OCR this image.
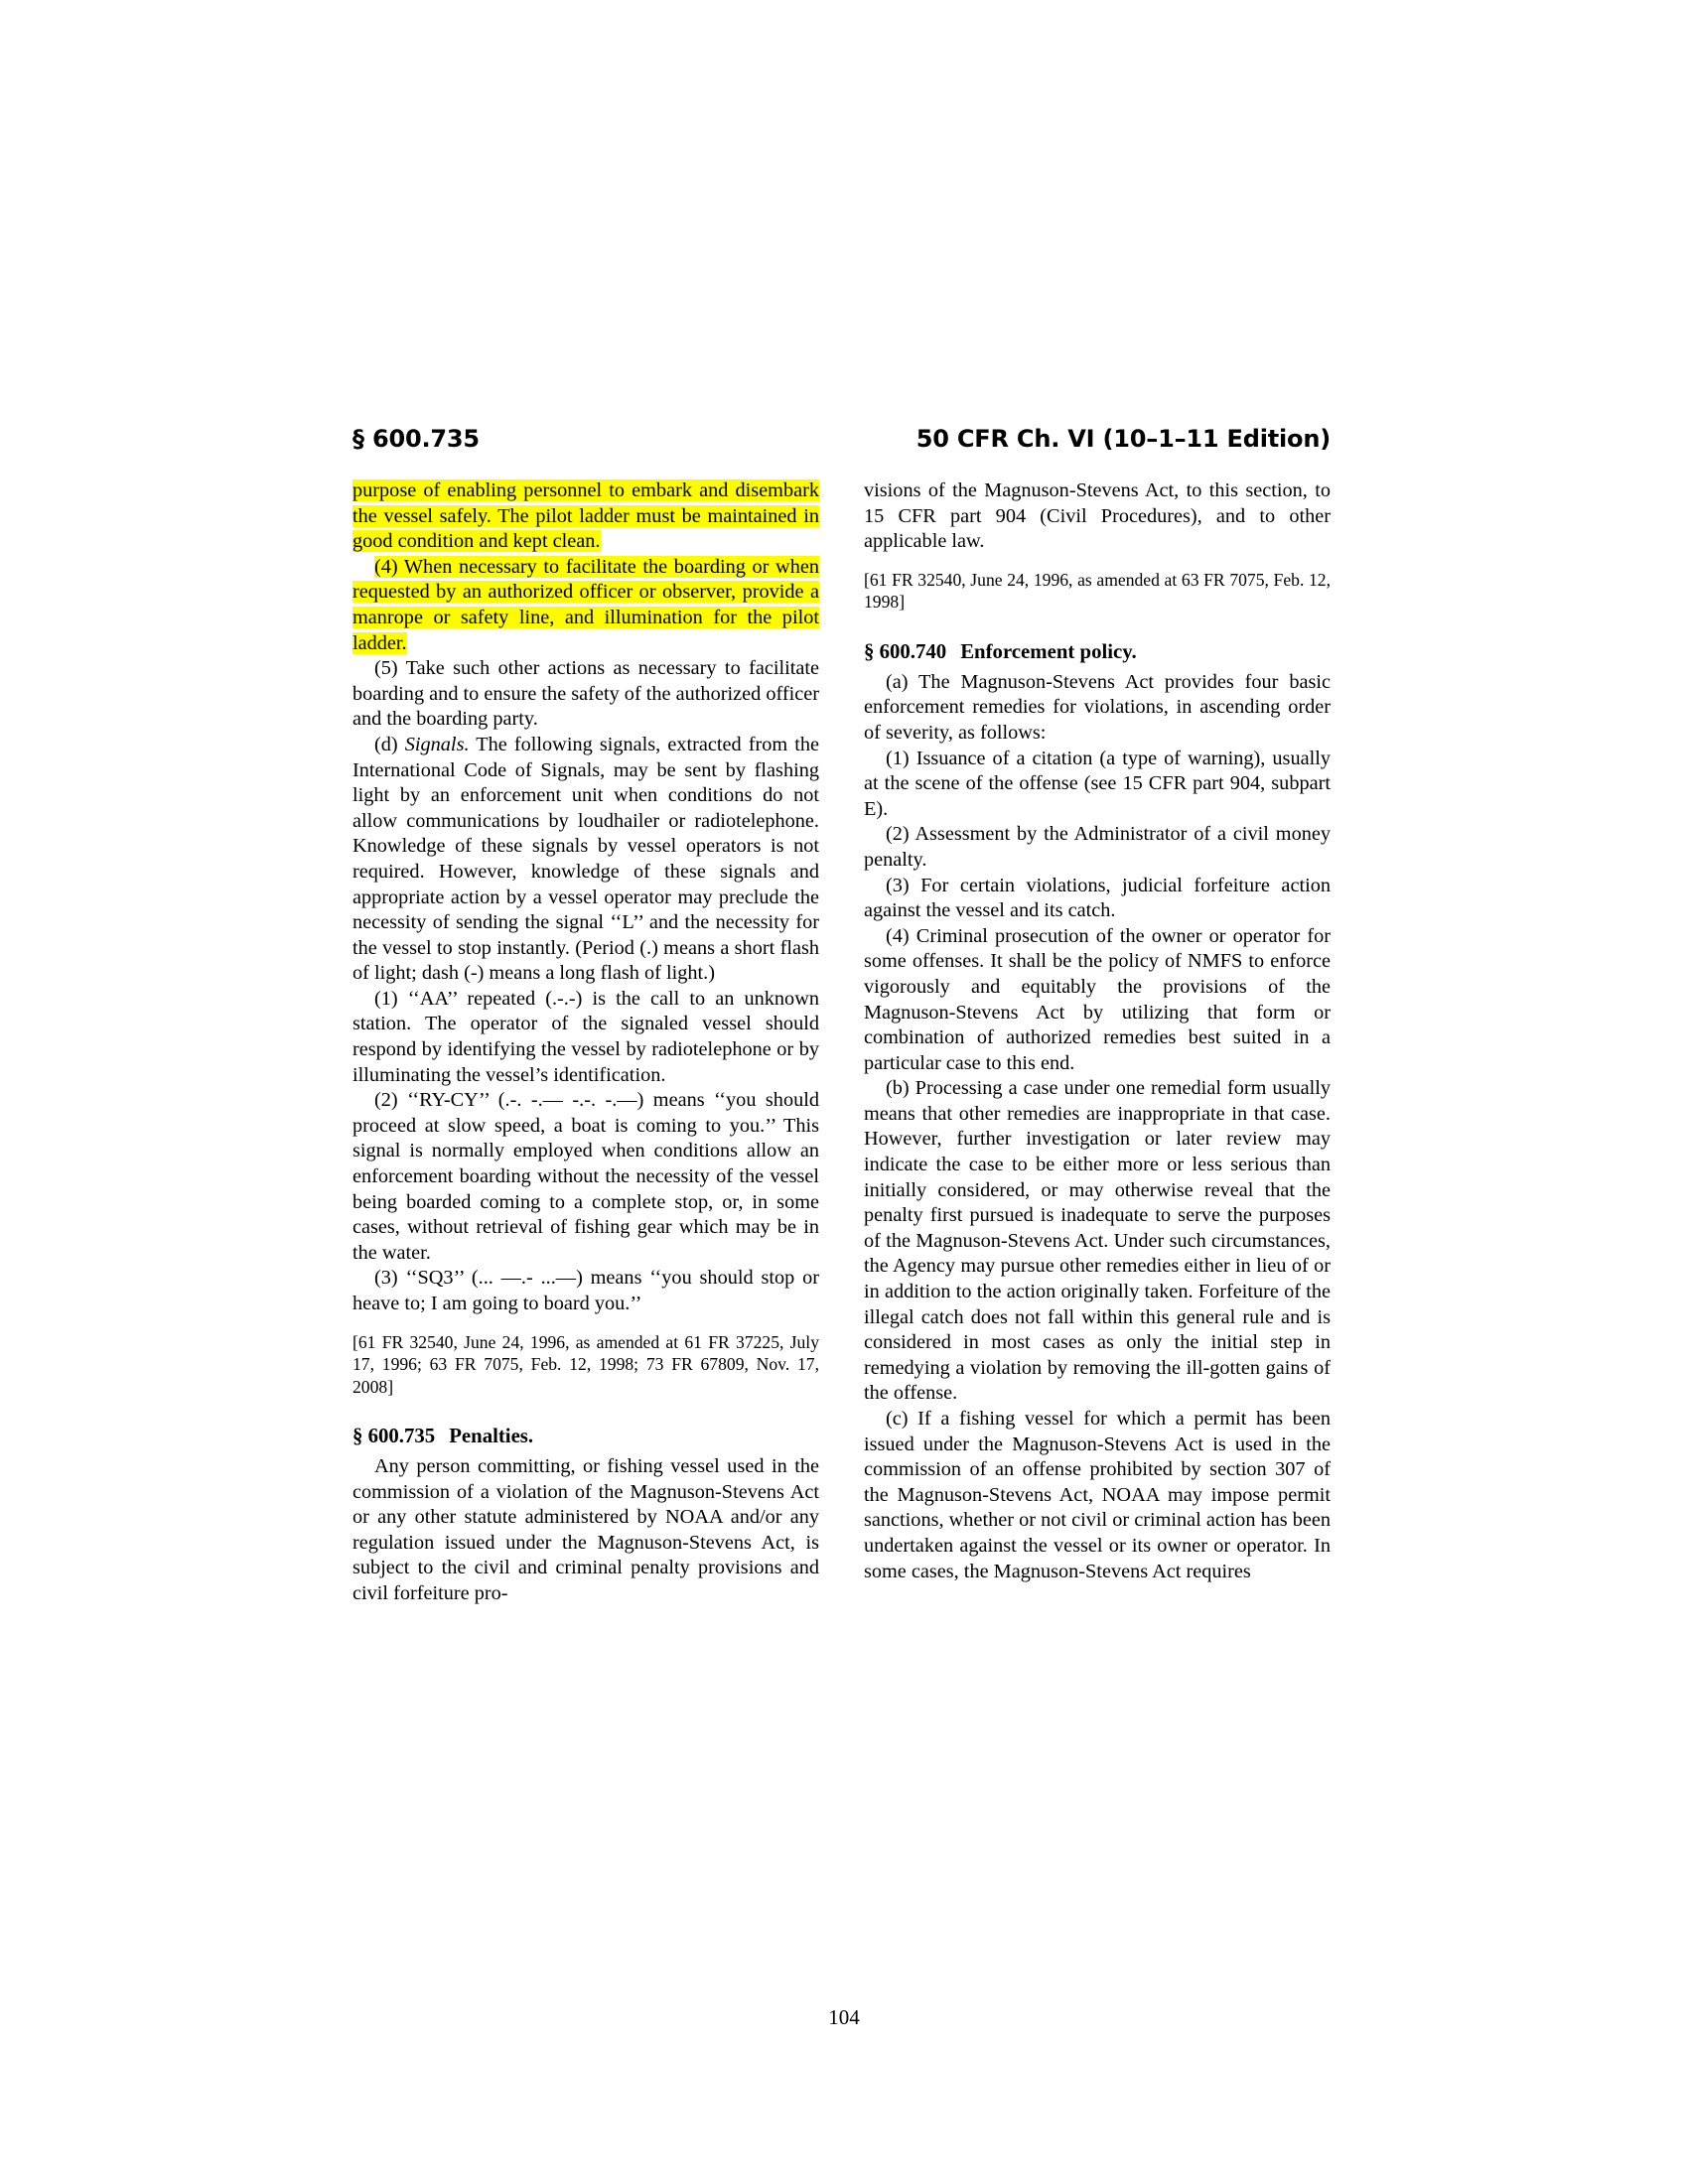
§ 600.735	50 CFR Ch. VI (10–1–11 Edition)

purpose of enabling personnel to embark and disembark the vessel safely. The pilot ladder must be maintained in good condition and kept clean.

(4) When necessary to facilitate the boarding or when requested by an authorized officer or observer, provide a manrope or safety line, and illumination for the pilot ladder.

(5) Take such other actions as necessary to facilitate boarding and to ensure the safety of the authorized officer and the boarding party.

(d) Signals. The following signals, extracted from the International Code of Signals, may be sent by flashing light by an enforcement unit when conditions do not allow communications by loudhailer or radiotelephone. Knowledge of these signals by vessel operators is not required. However, knowledge of these signals and appropriate action by a vessel operator may preclude the necessity of sending the signal ‘‘L’’ and the necessity for the vessel to stop instantly. (Period (.) means a short flash of light; dash (-) means a long flash of light.)

(1) ‘‘AA’’ repeated (.-.-) is the call to an unknown station. The operator of the signaled vessel should respond by identifying the vessel by radiotelephone or by illuminating the vessel’s identification.

(2) ‘‘RY-CY’’ (.-. -.— -.-. -.—) means ‘‘you should proceed at slow speed, a boat is coming to you.’’ This signal is normally employed when conditions allow an enforcement boarding without the necessity of the vessel being boarded coming to a complete stop, or, in some cases, without retrieval of fishing gear which may be in the water.

(3) ‘‘SQ3’’ (... —.- ...—) means ‘‘you should stop or heave to; I am going to board you.’’

[61 FR 32540, June 24, 1996, as amended at 61 FR 37225, July 17, 1996; 63 FR 7075, Feb. 12, 1998; 73 FR 67809, Nov. 17, 2008]

§ 600.735 Penalties.

Any person committing, or fishing vessel used in the commission of a violation of the Magnuson-Stevens Act or any other statute administered by NOAA and/or any regulation issued under the Magnuson-Stevens Act, is subject to the civil and criminal penalty provisions and civil forfeiture pro-

visions of the Magnuson-Stevens Act, to this section, to 15 CFR part 904 (Civil Procedures), and to other applicable law.

[61 FR 32540, June 24, 1996, as amended at 63 FR 7075, Feb. 12, 1998]

§ 600.740 Enforcement policy.

(a) The Magnuson-Stevens Act provides four basic enforcement remedies for violations, in ascending order of severity, as follows:

(1) Issuance of a citation (a type of warning), usually at the scene of the offense (see 15 CFR part 904, subpart E).

(2) Assessment by the Administrator of a civil money penalty.

(3) For certain violations, judicial forfeiture action against the vessel and its catch.

(4) Criminal prosecution of the owner or operator for some offenses. It shall be the policy of NMFS to enforce vigorously and equitably the provisions of the Magnuson-Stevens Act by utilizing that form or combination of authorized remedies best suited in a particular case to this end.

(b) Processing a case under one remedial form usually means that other remedies are inappropriate in that case. However, further investigation or later review may indicate the case to be either more or less serious than initially considered, or may otherwise reveal that the penalty first pursued is inadequate to serve the purposes of the Magnuson-Stevens Act. Under such circumstances, the Agency may pursue other remedies either in lieu of or in addition to the action originally taken. Forfeiture of the illegal catch does not fall within this general rule and is considered in most cases as only the initial step in remedying a violation by removing the ill-gotten gains of the offense.

(c) If a fishing vessel for which a permit has been issued under the Magnuson-Stevens Act is used in the commission of an offense prohibited by section 307 of the Magnuson-Stevens Act, NOAA may impose permit sanctions, whether or not civil or criminal action has been undertaken against the vessel or its owner or operator. In some cases, the Magnuson-Stevens Act requires

104
